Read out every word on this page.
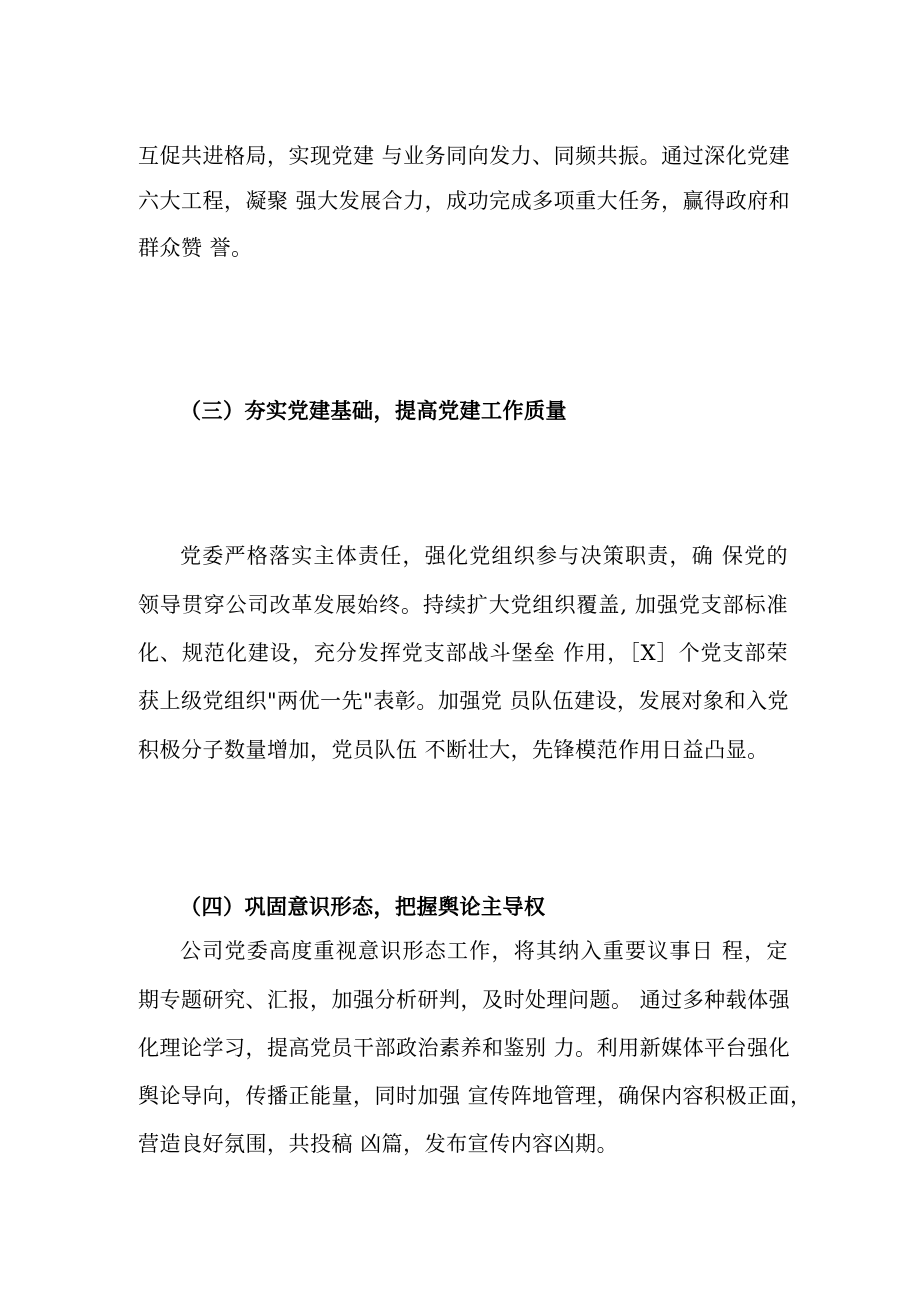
互促共进格局，实现党建 与业务同向发力、同频共振。通过深化党建
六大工程，凝聚 强大发展合力，成功完成多项重大任务，赢得政府和
群众赞 誉。
（三）夯实党建基础，提高党建工作质量
党委严格落实主体责任，强化党组织参与决策职责，确 保党的
领导贯穿公司改革发展始终。持续扩大党组织覆盖, 加强党支部标准
化、规范化建设，充分发挥党支部战斗堡垒 作用，［X］个党支部荣
获上级党组织"两优一先"表彰。加强党 员队伍建设，发展对象和入党
积极分子数量增加，党员队伍 不断壮大，先锋模范作用日益凸显。
（四）巩固意识形态，把握舆论主导权
公司党委高度重视意识形态工作，将其纳入重要议事日 程，定
期专题研究、汇报，加强分析研判，及时处理问题。 通过多种载体强
化理论学习，提高党员干部政治素养和鉴别 力。利用新媒体平台强化
舆论导向，传播正能量，同时加强 宣传阵地管理，确保内容积极正面，
营造良好氛围，共投稿 凶篇，发布宣传内容凶期。
